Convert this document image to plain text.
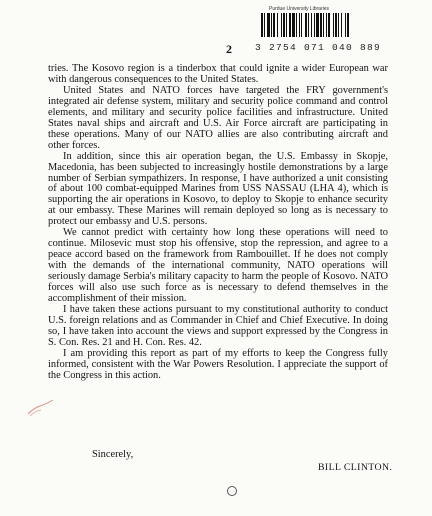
Purdue University Libraries
3 2754 071 040 889
2

tries. The Kosovo region is a tinderbox that could ignite a wider European war with dangerous consequences to the United States.

United States and NATO forces have targeted the FRY government's integrated air defense system, military and security police command and control elements, and military and security police facilities and infrastructure. United States naval ships and aircraft and U.S. Air Force aircraft are participating in these operations. Many of our NATO allies are also contributing aircraft and other forces.

In addition, since this air operation began, the U.S. Embassy in Skopje, Macedonia, has been subjected to increasingly hostile demonstrations by a large number of Serbian sympathizers. In response, I have authorized a unit consisting of about 100 combat-equipped Marines from USS NASSAU (LHA 4), which is supporting the air operations in Kosovo, to deploy to Skopje to enhance security at our embassy. These Marines will remain deployed so long as is necessary to protect our embassy and U.S. persons.

We cannot predict with certainty how long these operations will need to continue. Milosevic must stop his offensive, stop the repression, and agree to a peace accord based on the framework from Rambouillet. If he does not comply with the demands of the international community, NATO operations will seriously damage Serbia's military capacity to harm the people of Kosovo. NATO forces will also use such force as is necessary to defend themselves in the accomplishment of their mission.

I have taken these actions pursuant to my constitutional authority to conduct U.S. foreign relations and as Commander in Chief and Chief Executive. In doing so, I have taken into account the views and support expressed by the Congress in S. Con. Res. 21 and H. Con. Res. 42.

I am providing this report as part of my efforts to keep the Congress fully informed, consistent with the War Powers Resolution. I appreciate the support of the Congress in this action.

Sincerely,
BILL CLINTON.
